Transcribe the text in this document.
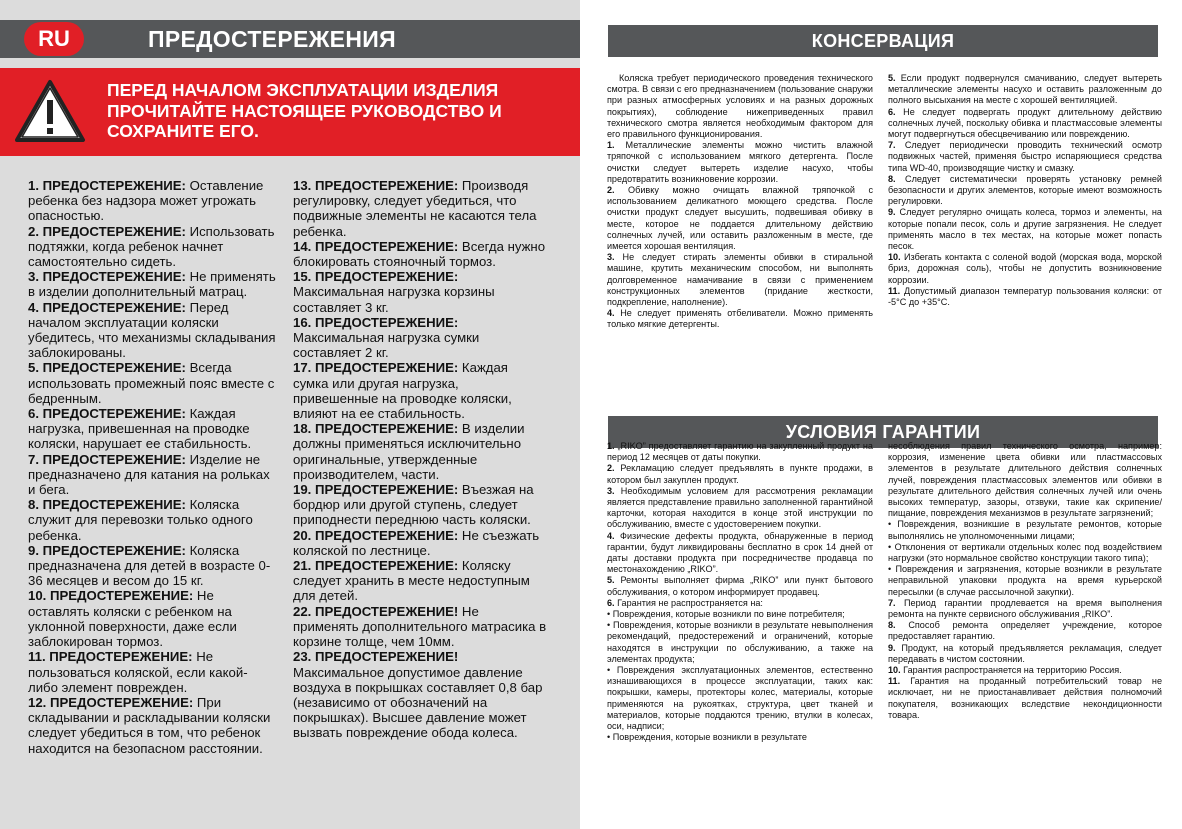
RU	ПРЕДОСТЕРЕЖЕНИЯ
ПЕРЕД НАЧАЛОМ ЭКСПЛУАТАЦИИ ИЗДЕЛИЯ
ПРОЧИТАЙТЕ НАСТОЯЩЕЕ РУКОВОДСТВО И
СОХРАНИТЕ ЕГО.

1. ПРЕДОСТЕРЕЖЕНИЕ: Оставление ребенка без надзора может угрожать опасностью.

2. ПРЕДОСТЕРЕЖЕНИЕ: Использовать подтяжки, когда ребенок начнет самостоятельно сидеть.

3. ПРЕДОСТЕРЕЖЕНИЕ: Не применять в изделии дополнительный матрац.

4. ПРЕДОСТЕРЕЖЕНИЕ: Перед началом эксплуатации коляски убедитесь, что механизмы складывания заблокированы.

5. ПРЕДОСТЕРЕЖЕНИЕ: Всегда использовать промежный пояс вместе с бедренным.

6. ПРЕДОСТЕРЕЖЕНИЕ: Каждая нагрузка, привешенная на проводке коляски, нарушает ее стабильность.

7. ПРЕДОСТЕРЕЖЕНИЕ: Изделие не предназначено для катания на рольках и бега.

8. ПРЕДОСТЕРЕЖЕНИЕ: Коляска служит для перевозки только одного ребенка.

9. ПРЕДОСТЕРЕЖЕНИЕ: Коляска предназначена для детей в возрасте 0-36 месяцев и весом до 15 кг.

10. ПРЕДОСТЕРЕЖЕНИЕ: Не оставлять коляски с ребенком на уклонной поверхности, даже если заблокирован тормоз.

11. ПРЕДОСТЕРЕЖЕНИЕ: Не пользоваться коляской, если какой-либо элемент поврежден.

12. ПРЕДОСТЕРЕЖЕНИЕ: При складывании и раскладывании коляски следует убедиться в том, что ребенок находится на безопасном расстоянии.

13. ПРЕДОСТЕРЕЖЕНИЕ: Производя регулировку, следует убедиться, что подвижные элементы не касаются тела ребенка.

14. ПРЕДОСТЕРЕЖЕНИЕ: Всегда нужно блокировать стояночный тормоз.

15. ПРЕДОСТЕРЕЖЕНИЕ: Максимальная нагрузка корзины составляет 3 кг.

16. ПРЕДОСТЕРЕЖЕНИЕ: Максимальная нагрузка сумки составляет 2 кг.

17. ПРЕДОСТЕРЕЖЕНИЕ: Каждая сумка или другая нагрузка, привешенные на проводке коляски, влияют на ее стабильность.

18. ПРЕДОСТЕРЕЖЕНИЕ: В изделии должны применяться исключительно оригинальные, утвержденные производителем, части.

19. ПРЕДОСТЕРЕЖЕНИЕ: Въезжая на бордюр или другой ступень, следует приподнести переднюю часть коляски.

20. ПРЕДОСТЕРЕЖЕНИЕ: Не съезжать коляской по лестнице.

21. ПРЕДОСТЕРЕЖЕНИЕ: Коляску следует хранить в месте недоступным для детей.

22. ПРЕДОСТЕРЕЖЕНИЕ! Не применять дополнительного матрасика в корзине толще, чем 10мм.

23. ПРЕДОСТЕРЕЖЕНИЕ! Максимальное допустимое давление воздуха в покрышках составляет 0,8 бар (независимо от обозначений на покрышках). Высшее давление может вызвать повреждение обода колеса.

КОНСЕРВАЦИЯ

Коляска требует периодического проведения технического смотра. В связи с его предназначением (пользование снаружи при разных атмосферных условиях и на разных дорожных покрытиях), соблюдение нижеприведенных правил технического смотра является необходимым фактором для его правильного функционирования.

1. Металлические элементы можно чистить влажной тряпочкой с использованием мягкого детергента. После очистки следует вытереть изделие насухо, чтобы предотвратить возникновение коррозии.

2. Обивку можно очищать влажной тряпочкой с использованием деликатного моющего средства. После очистки продукт следует высушить, подвешивая обивку в месте, которое не поддается длительному действию солнечных лучей, или оставить разложенным в месте, где имеется хорошая вентиляция.

3. Не следует стирать элементы обивки в стиральной машине, крутить механическим способом, ни выполнять долговременное намачивание в связи с применением конструкционных элементов (придание жесткости, подкрепление, наполнение).

4. Не следует применять отбеливатели. Можно применять только мягкие детергенты.

5. Если продукт подвернулся смачиванию, следует вытереть металлические элементы насухо и оставить разложенным до полного высыхания на месте с хорошей вентиляцией.

6. Не следует подвергать продукт длительному действию солнечных лучей, поскольку обивка и пластмассовые элементы могут подвергнуться обесцвечиванию или повреждению.

7. Следует периодически проводить технический осмотр подвижных частей, применяя быстро испаряющиеся средства типа WD-40, производящие чистку и смазку.

8. Следует систематически проверять установку ремней безопасности и других элементов, которые имеют возможность регулировки.

9. Следует регулярно очищать колеса, тормоз и элементы, на которые попали песок, соль и другие загрязнения. Не следует применять масло в тех местах, на которые может попасть песок.

10. Избегать контакта с соленой водой (морская вода, морской бриз, дорожная соль), чтобы не допустить возникновение коррозии.

11. Допустимый диапазон температур пользования коляски: от -5°C до +35°C.

УСЛОВИЯ ГАРАНТИИ

1. „RIKO” предоставляет гарантию на закупленный продукт на период 12 месяцев от даты покупки.

2. Рекламацию следует предъявлять в пункте продажи, в котором был закуплен продукт.

3. Необходимым условием для рассмотрения рекламации является представление правильно заполненной гарантийной карточки, которая находится в конце этой инструкции по обслуживанию, вместе с удостоверением покупки.

4. Физические дефекты продукта, обнаруженные в период гарантии, будут ликвидированы бесплатно в срок 14 дней от даты доставки продукта при посредничестве продавца по местонахождению „RIKO”.

5. Ремонты выполняет фирма „RIKO” или пункт бытового обслуживания, о котором информирует продавец.

6. Гарантия не распространяется на:

• Повреждения, которые возникли по вине потребителя;

• Повреждения, которые возникли в результате невыполнения рекомендаций, предостережений и ограничений, которые находятся в инструкции по обслуживанию, а также на элементах продукта;

• Повреждения эксплуатационных элементов, естественно изнашивающихся в процессе эксплуатации, таких как: покрышки, камеры, протекторы колес, материалы, которые применяются на рукоятках, структура, цвет тканей и материалов, которые поддаются трению, втулки в колесах, оси, надписи;

• Повреждения, которые возникли в результате

несоблюдения правил технического осмотра, например: коррозия, изменение цвета обивки или пластмассовых элементов в результате длительного действия солнечных лучей, повреждения пластмассовых элементов или обивки в результате длительного действия солнечных лучей или очень высоких температур, зазоры, отзвуки, такие как скрипение/ пищание, повреждения механизмов в результате загрязнений;

• Повреждения, возникшие в результате ремонтов, которые выполнялись не уполномоченными лицами;

• Отклонения от вертикали отдельных колес под воздействием нагрузки (это нормальное свойство конструкции такого типа);

• Повреждения и загрязнения, которые возникли в результате неправильной упаковки продукта на время курьерской пересылки (в случае рассылочной закупки).

7. Период гарантии продлевается на время выполнения ремонта на пункте сервисного обслуживания „RIKO”.

8. Способ ремонта определяет учреждение, которое предоставляет гарантию.

9. Продукт, на который предъявляется рекламация, следует передавать в чистом состоянии.

10. Гарантия распространяется на территорию Россия.

11. Гарантия на проданный потребительский товар не исключает, ни не приостанавливает действия полномочий покупателя, возникающих вследствие некондиционности товара.
